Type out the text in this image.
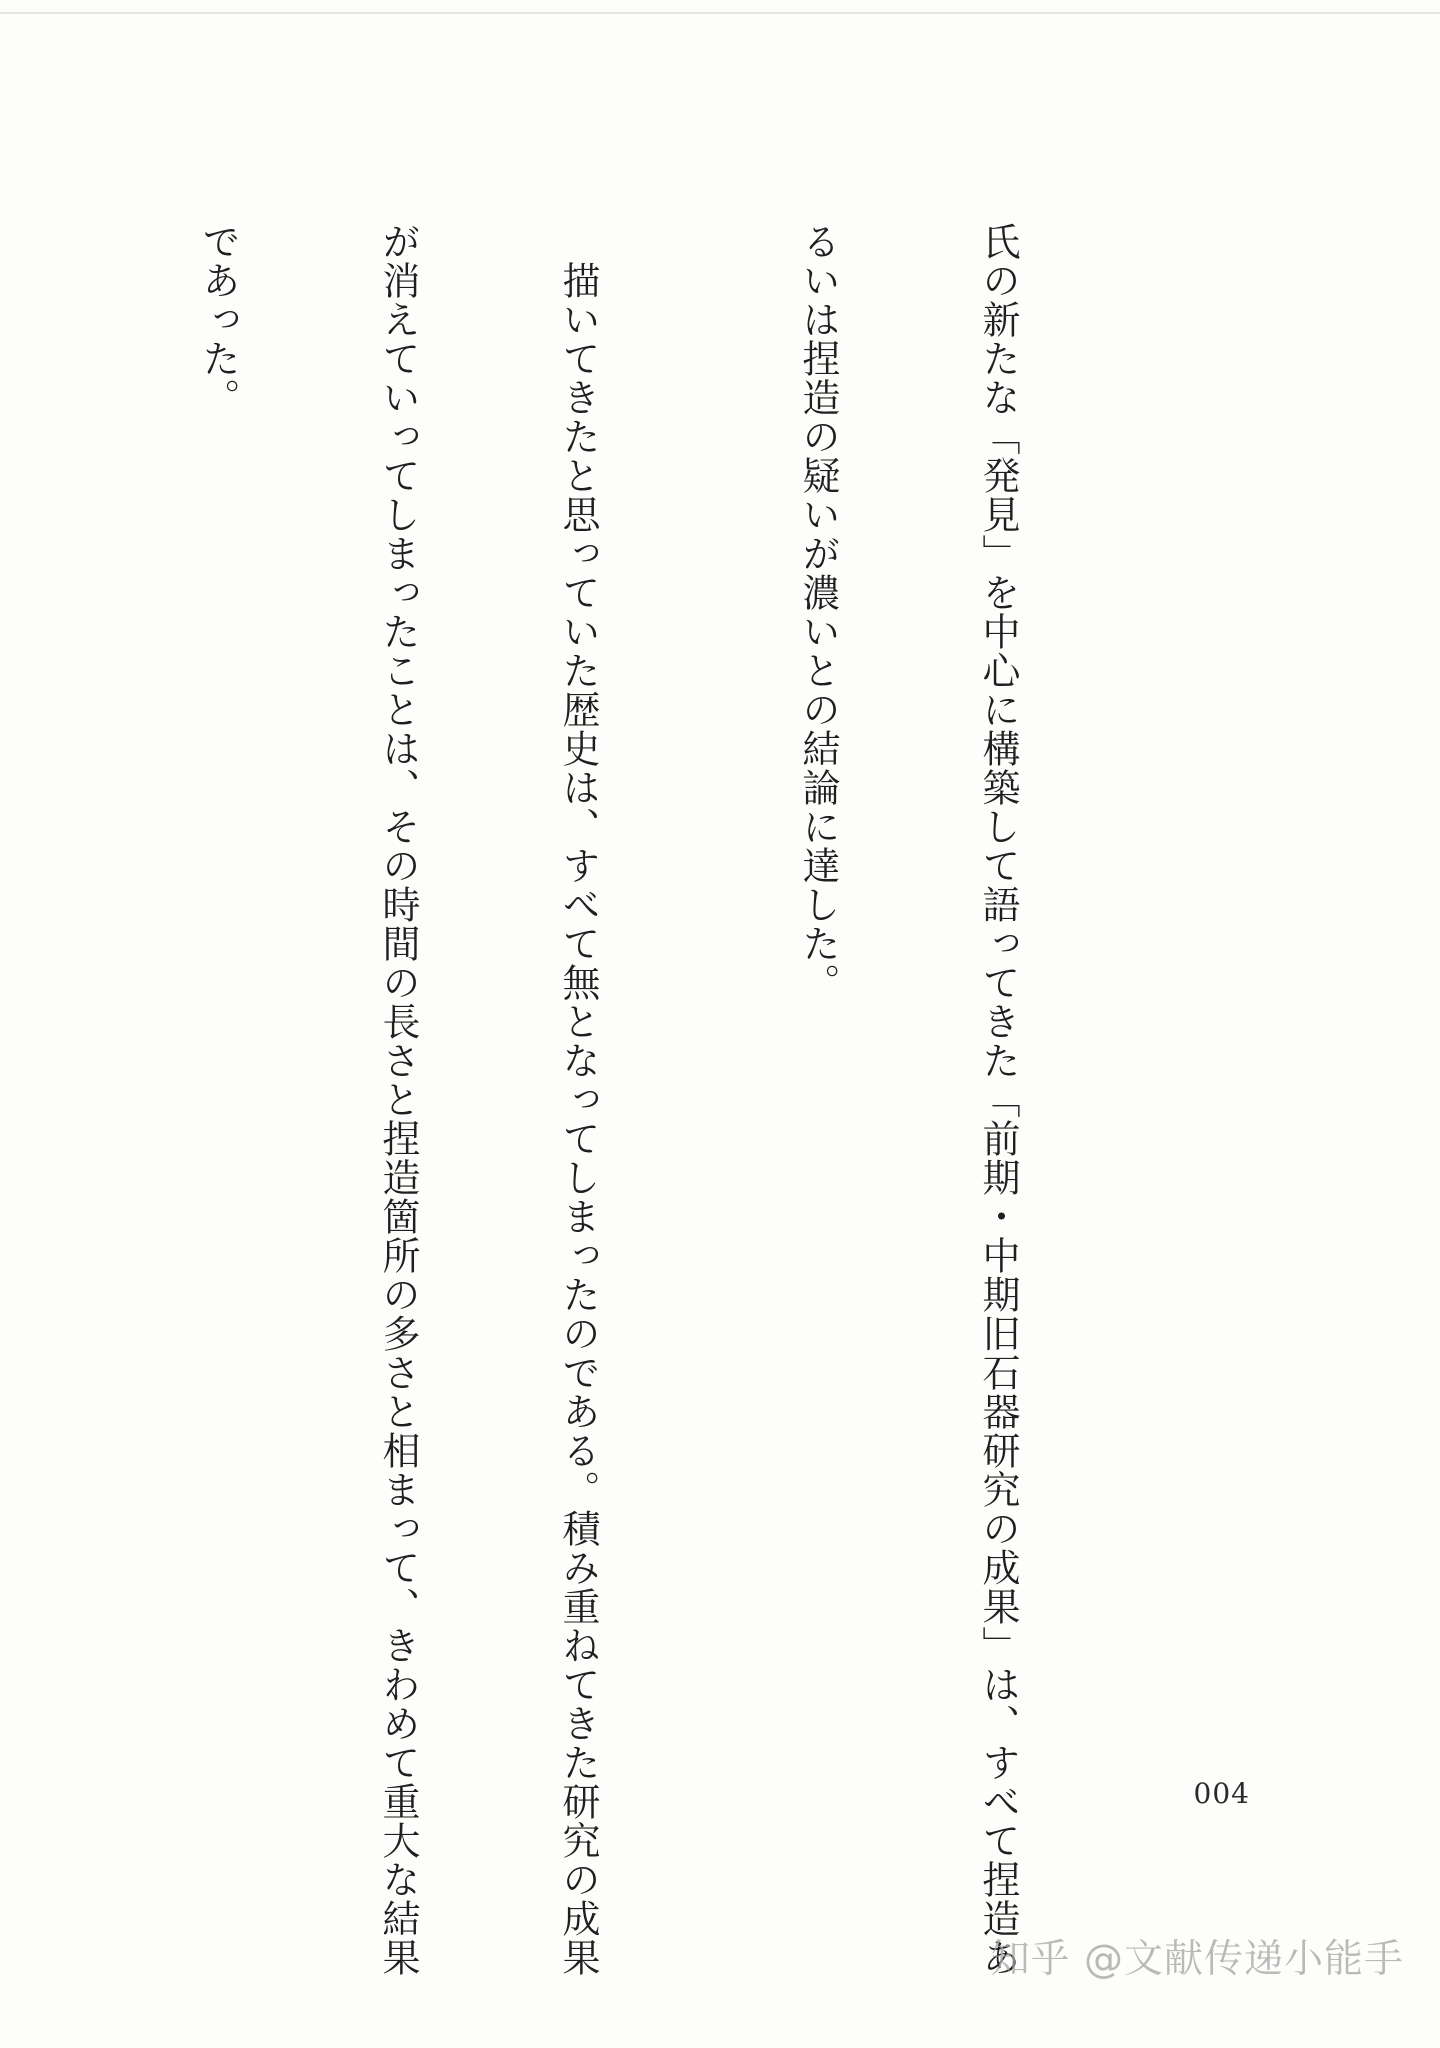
氏の新たな「発見」を中心に構築して語ってきた「前期・中期旧石器研究の成果」は、すべて捏造あ

るいは捏造の疑いが濃いとの結論に達した。

　描いてきたと思っていた歴史は、すべて無となってしまったのである。積み重ねてきた研究の成果

が消えていってしまったことは、その時間の長さと捏造箇所の多さと相まって、きわめて重大な結果

であった。

004
知乎 @文献传递小能手
